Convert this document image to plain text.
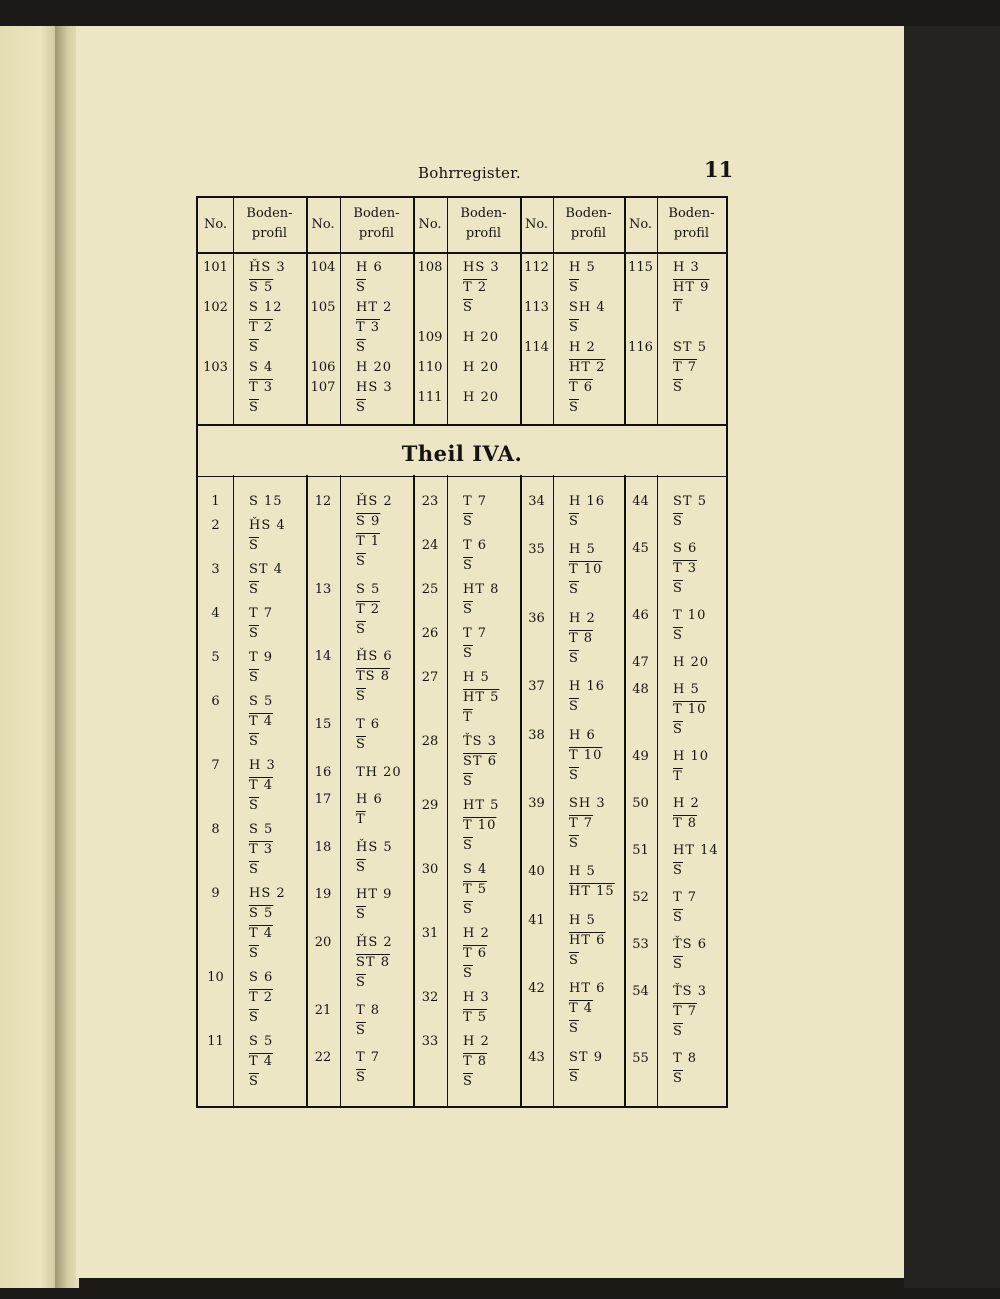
Bohrregister.	11
No.
Boden-
profil
No.
Boden-
profil
No.
Boden-
profil
No.
Boden-
profil
No.
Boden-
profil
Theil IVA.
101	ȞS 3
S 5
102	S 12
T 2
$\overline{S}$
103	S 4
T 3
$\overline{S}$
104	H 6
$\overline{S}$
105	HT 2
T 3
$\overline{S}$
106	H 20
107	HS 3
$\overline{S}$
108	HS 3
T 2
$\overline{S}$
109	H 20
110	H 20
111	H 20
112	H 5
$\overline{S}$
113	SH 4
$\overline{S}$
114	H 2
HT 2
T 6
$\overline{S}$
115	H 3
HT 9
$\overline{T}$
116	ST 5
T 7
$\overline{S}$
1	S 15
2	ȞS 4
$\overline{S}$
3	ST 4
$\overline{S}$
4	T 7
$\overline{S}$
5	T 9
$\overline{S}$
6	S 5
T 4
$\overline{S}$
7	H 3
T 4
$\overline{S}$
8	S 5
T 3
$\overline{S}$
9	HS 2
S 5
T 4
$\overline{S}$
10	S 6
T 2
$\overline{S}$
11	S 5
T 4
$\overline{S}$
12	ȞS 2
S 9
T 1
$\overline{S}$
13	S 5
T 2
$\overline{S}$
14	ȞS 6
TS 8
$\overline{S}$
15	T 6
$\overline{S}$
16	TH 20
17	H 6
$\overline{T}$
18	ȞS 5
$\overline{S}$
19	HT 9
$\overline{S}$
20	ȞS 2
ST 8
$\overline{S}$
21	T 8
$\overline{S}$
22	T 7
$\overline{S}$
23	T 7
$\overline{S}$
24	T 6
$\overline{S}$
25	HT 8
$\overline{S}$
26	T 7
$\overline{S}$
27	H 5
HT 5
$\overline{T}$
28	ŤS 3
ST 6
$\overline{S}$
29	HT 5
T 10
$\overline{S}$
30	S 4
T 5
$\overline{S}$
31	H 2
T 6
$\overline{S}$
32	H 3
T 5
33	H 2
T 8
$\overline{S}$
34	H 16
$\overline{S}$
35	H 5
T 10
$\overline{S}$
36	H 2
T 8
$\overline{S}$
37	H 16
$\overline{S}$
38	H 6
T 10
$\overline{S}$
39	SH 3
T 7
$\overline{S}$
40	H 5
HT 15
41	H 5
HT 6
$\overline{S}$
42	HT 6
T 4
$\overline{S}$
43	ST 9
$\overline{S}$
44	ST 5
$\overline{S}$
45	S 6
T 3
$\overline{S}$
46	T 10
$\overline{S}$
47	H 20
48	H 5
T 10
$\overline{S}$
49	H 10
$\overline{T}$
50	H 2
T 8
51	HT 14
$\overline{S}$
52	T 7
$\overline{S}$
53	ŤS 6
$\overline{S}$
54	ŤS 3
T 7
$\overline{S}$
55	T 8
$\overline{S}$
